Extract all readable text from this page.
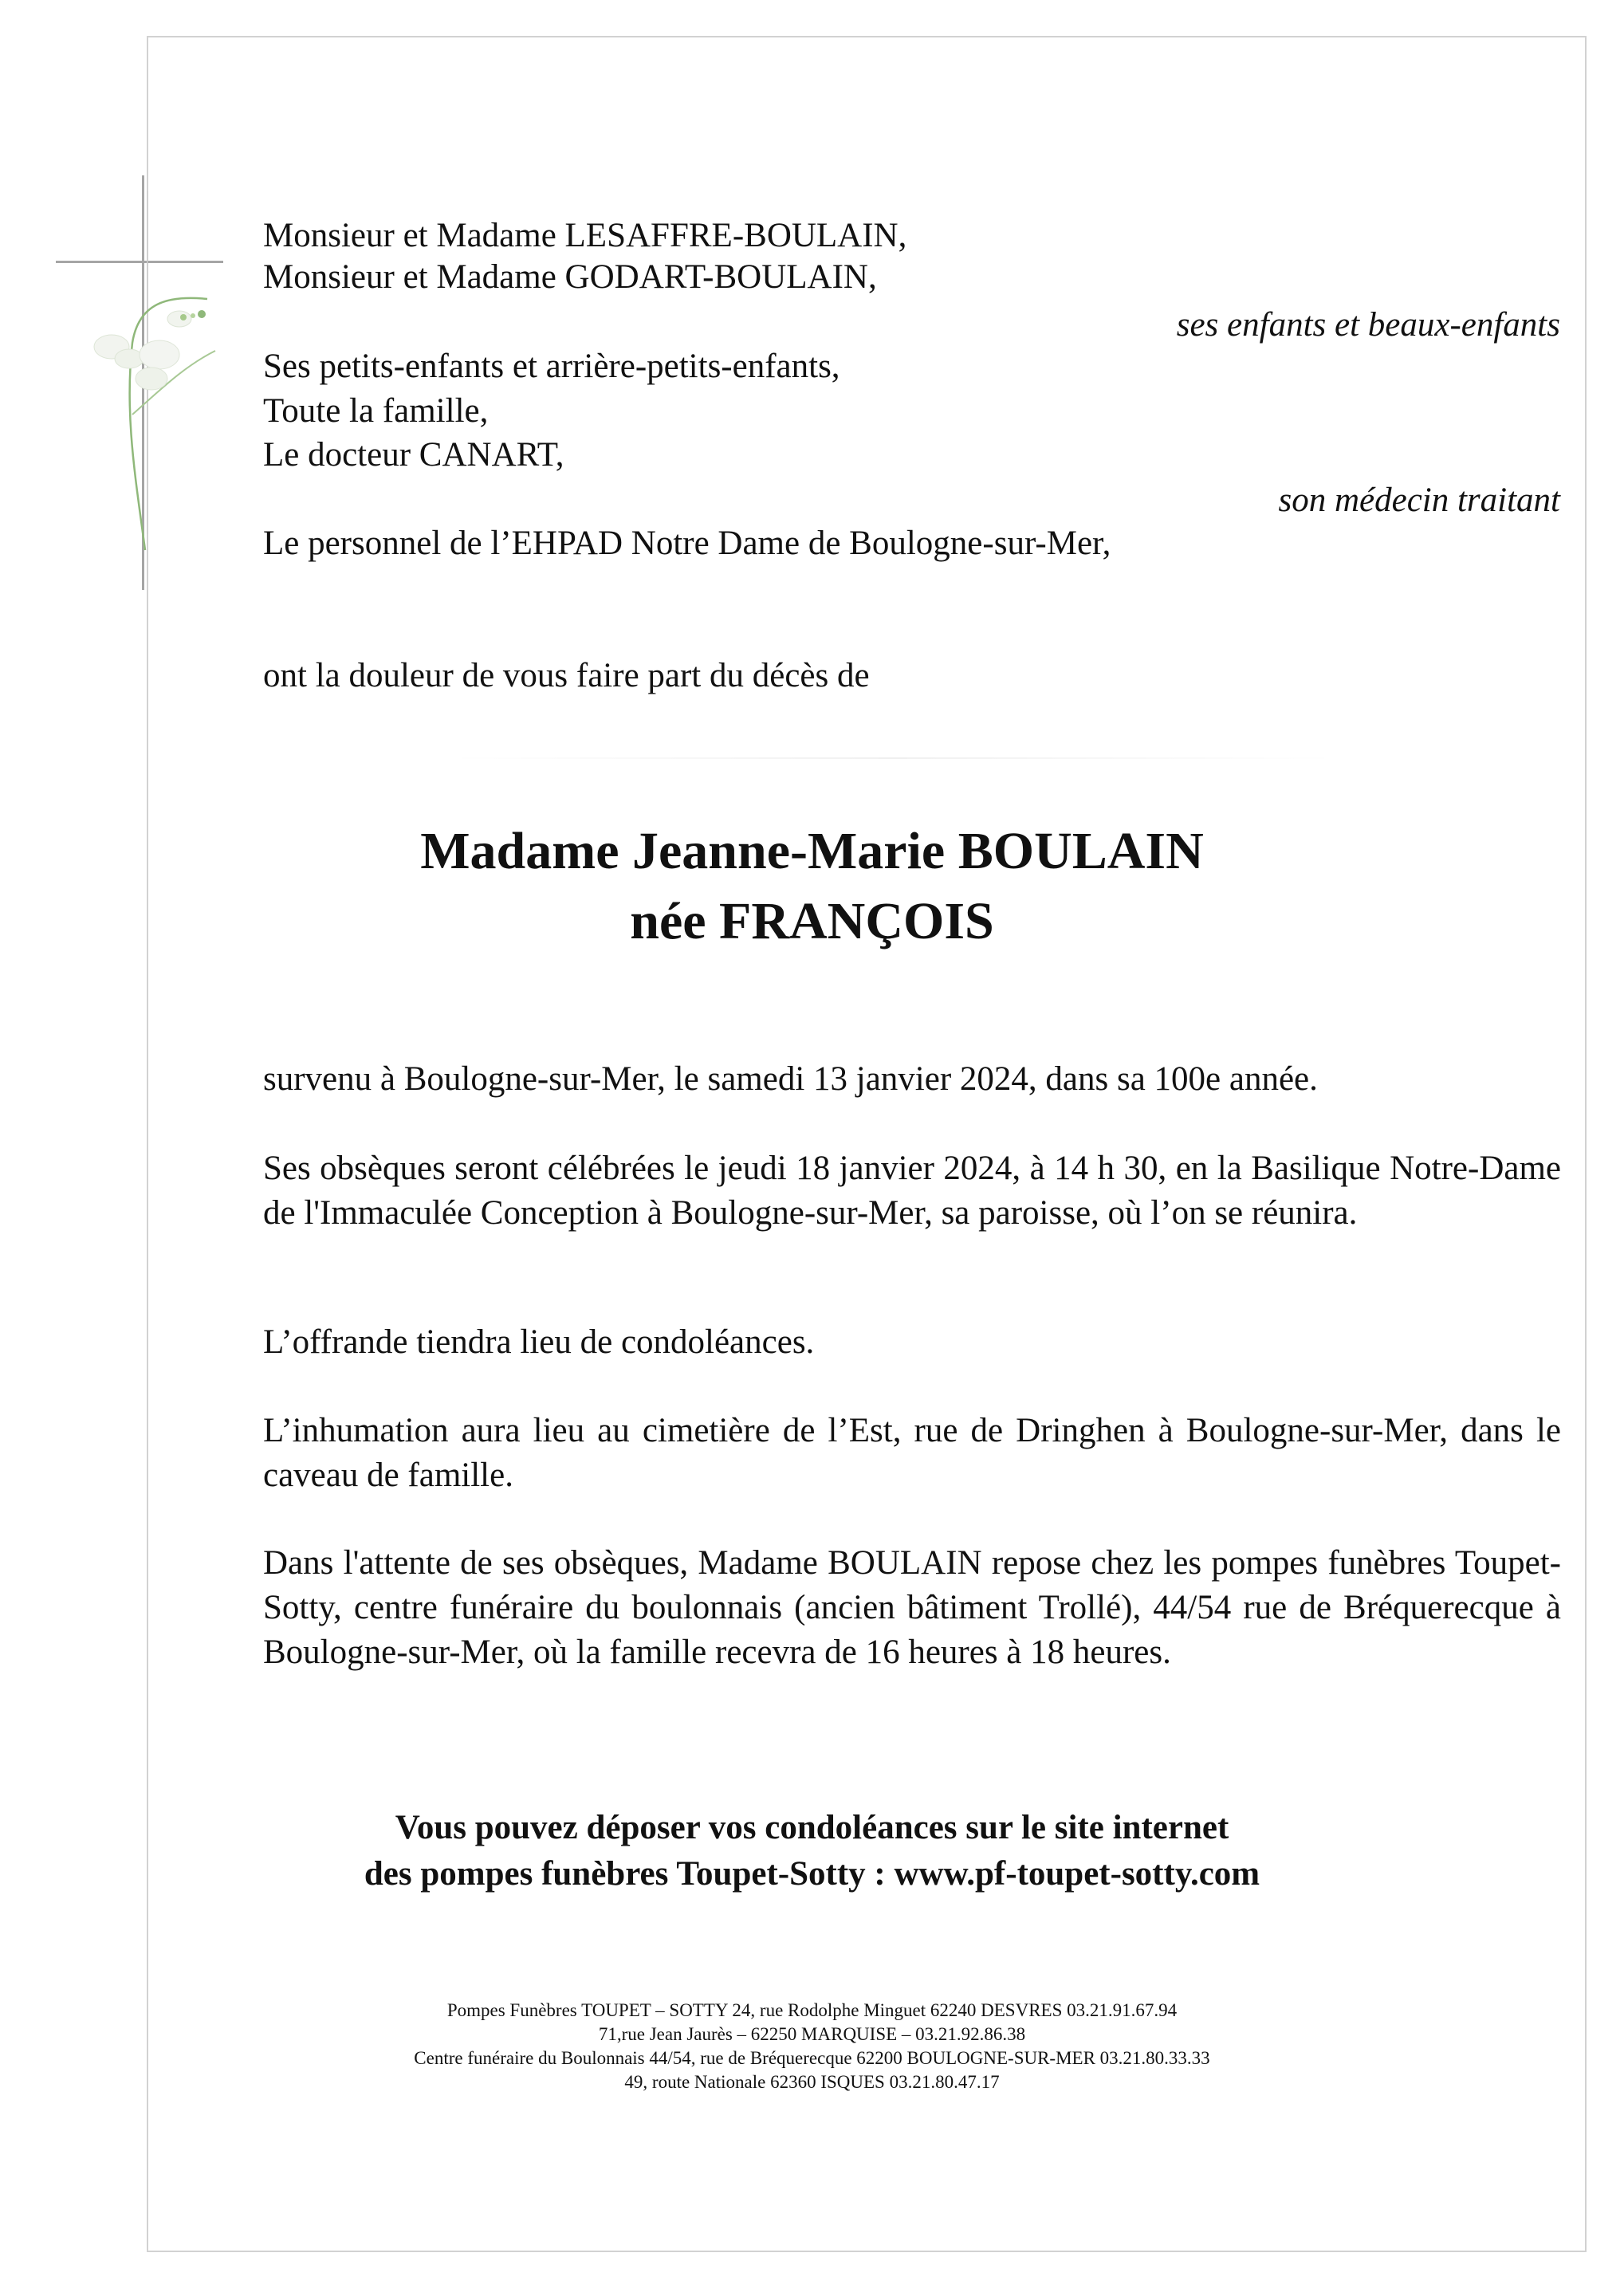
Monsieur et Madame LESAFFRE-BOULAIN,
Monsieur et Madame GODART-BOULAIN,
ses enfants et beaux-enfants
Ses petits-enfants et arrière-petits-enfants,
Toute la famille,
Le docteur CANART,
son médecin traitant
Le personnel de l’EHPAD Notre Dame de Boulogne-sur-Mer,
ont la douleur de vous faire part du décès de
Madame Jeanne-Marie BOULAIN
née FRANÇOIS
survenu à Boulogne-sur-Mer, le samedi 13 janvier 2024, dans sa 100e année.
Ses obsèques seront célébrées le jeudi 18 janvier 2024, à 14 h 30, en la Basilique Notre-Dame de l'Immaculée Conception à Boulogne-sur-Mer, sa paroisse, où l’on se réunira.
L’offrande tiendra lieu de condoléances.
L’inhumation aura lieu au cimetière de l’Est, rue de Dringhen à Boulogne-sur-Mer, dans le caveau de famille.
Dans l'attente de ses obsèques, Madame BOULAIN repose chez les pompes funèbres Toupet-Sotty, centre funéraire du boulonnais (ancien bâtiment Trollé), 44/54 rue de Bréquerecque à Boulogne-sur-Mer, où la famille recevra de 16 heures à 18 heures.
Vous pouvez déposer vos condoléances sur le site internet
des pompes funèbres Toupet-Sotty : www.pf-toupet-sotty.com
Pompes Funèbres TOUPET – SOTTY 24, rue Rodolphe Minguet 62240 DESVRES 03.21.91.67.94
71,rue Jean Jaurès – 62250 MARQUISE – 03.21.92.86.38
Centre funéraire du Boulonnais 44/54, rue de Bréquerecque 62200 BOULOGNE-SUR-MER 03.21.80.33.33
49, route Nationale 62360 ISQUES 03.21.80.47.17
